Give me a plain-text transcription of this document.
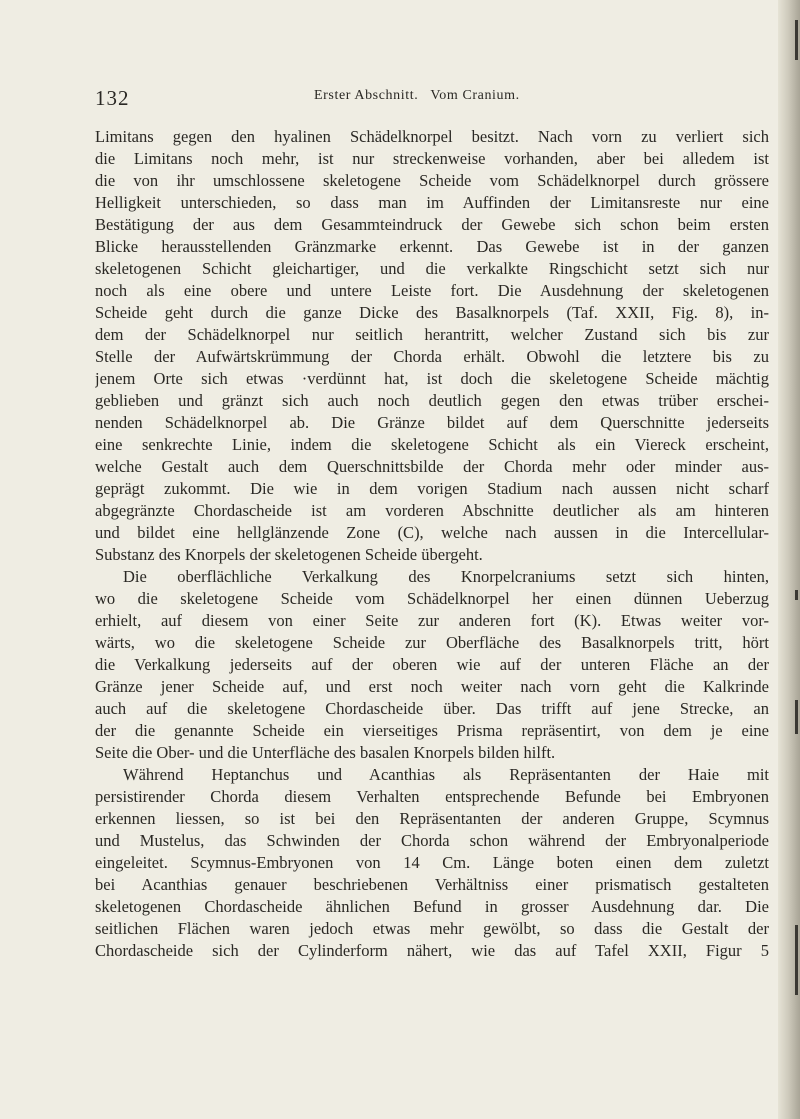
132	Erster Abschnitt.   Vom Cranium.
Limitans gegen den hyalinen Schädelknorpel besitzt. Nach vorn zu verliert sich
die Limitans noch mehr, ist nur streckenweise vorhanden, aber bei alledem ist
die von ihr umschlossene skeletogene Scheide vom Schädelknorpel durch grössere
Helligkeit unterschieden, so dass man im Auffinden der Limitansreste nur eine
Bestätigung der aus dem Gesammteindruck der Gewebe sich schon beim ersten
Blicke herausstellenden Gränzmarke erkennt. Das Gewebe ist in der ganzen
skeletogenen Schicht gleichartiger, und die verkalkte Ringschicht setzt sich nur
noch als eine obere und untere Leiste fort. Die Ausdehnung der skeletogenen
Scheide geht durch die ganze Dicke des Basalknorpels (Taf. XXII, Fig. 8), in-
dem der Schädelknorpel nur seitlich herantritt, welcher Zustand sich bis zur
Stelle der Aufwärtskrümmung der Chorda erhält. Obwohl die letztere bis zu
jenem Orte sich etwas ·verdünnt hat, ist doch die skeletogene Scheide mächtig
geblieben und gränzt sich auch noch deutlich gegen den etwas trüber erschei-
nenden Schädelknorpel ab. Die Gränze bildet auf dem Querschnitte jederseits
eine senkrechte Linie, indem die skeletogene Schicht als ein Viereck erscheint,
welche Gestalt auch dem Querschnittsbilde der Chorda mehr oder minder aus-
geprägt zukommt. Die wie in dem vorigen Stadium nach aussen nicht scharf
abgegränzte Chordascheide ist am vorderen Abschnitte deutlicher als am hinteren
und bildet eine hellglänzende Zone (C), welche nach aussen in die Intercellular-
Substanz des Knorpels der skeletogenen Scheide übergeht.
Die oberflächliche Verkalkung des Knorpelcraniums setzt sich hinten,
wo die skeletogene Scheide vom Schädelknorpel her einen dünnen Ueberzug
erhielt, auf diesem von einer Seite zur anderen fort (K). Etwas weiter vor-
wärts, wo die skeletogene Scheide zur Oberfläche des Basalknorpels tritt, hört
die Verkalkung jederseits auf der oberen wie auf der unteren Fläche an der
Gränze jener Scheide auf, und erst noch weiter nach vorn geht die Kalkrinde
auch auf die skeletogene Chordascheide über. Das trifft auf jene Strecke, an
der die genannte Scheide ein vierseitiges Prisma repräsentirt, von dem je eine
Seite die Ober- und die Unterfläche des basalen Knorpels bilden hilft.
Während Heptanchus und Acanthias als Repräsentanten der Haie mit
persistirender Chorda diesem Verhalten entsprechende Befunde bei Embryonen
erkennen liessen, so ist bei den Repräsentanten der anderen Gruppe, Scymnus
und Mustelus, das Schwinden der Chorda schon während der Embryonalperiode
eingeleitet. Scymnus-Embryonen von 14 Cm. Länge boten einen dem zuletzt
bei Acanthias genauer beschriebenen Verhältniss einer prismatisch gestalteten
skeletogenen Chordascheide ähnlichen Befund in grosser Ausdehnung dar. Die
seitlichen Flächen waren jedoch etwas mehr gewölbt, so dass die Gestalt der
Chordascheide sich der Cylinderform nähert, wie das auf Tafel XXII, Figur 5
